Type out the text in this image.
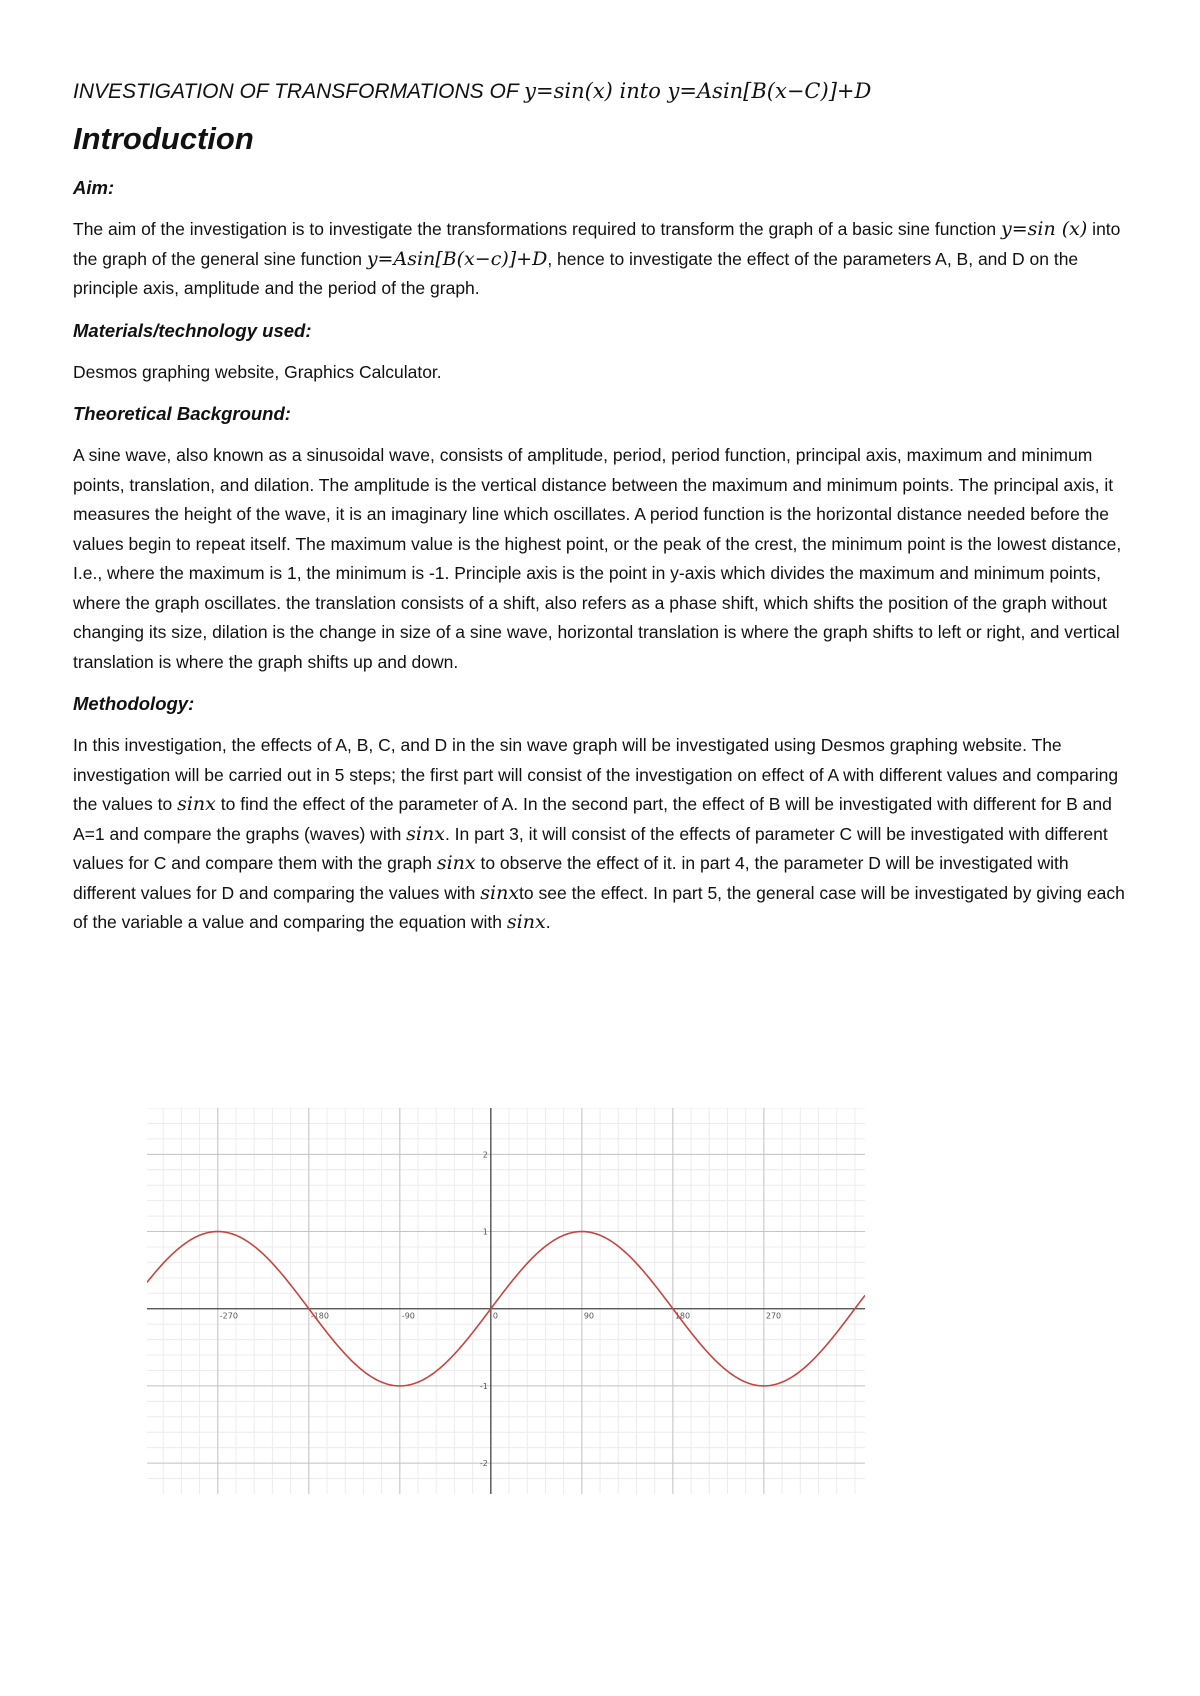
INVESTIGATION OF TRANSFORMATIONS OF y=sin(x) into y=Asin[B(x−C)]+D
Introduction
Aim:

The aim of the investigation is to investigate the transformations required to transform the graph of a basic sine function y=sin (x) into the graph of the general sine function y=Asin[B(x−c)]+D, hence to investigate the effect of the parameters A, B, and D on the principle axis, amplitude and the period of the graph.

Materials/technology used:

Desmos graphing website, Graphics Calculator.

Theoretical Background:

A sine wave, also known as a sinusoidal wave, consists of amplitude, period, period function, principal axis, maximum and minimum points, translation, and dilation. The amplitude is the vertical distance between the maximum and minimum points. The principal axis, it measures the height of the wave, it is an imaginary line which oscillates. A period function is the horizontal distance needed before the values begin to repeat itself. The maximum value is the highest point, or the peak of the crest, the minimum point is the lowest distance, I.e., where the maximum is 1, the minimum is -1. Principle axis is the point in y-axis which divides the maximum and minimum points, where the graph oscillates. the translation consists of a shift, also refers as a phase shift, which shifts the position of the graph without changing its size, dilation is the change in size of a sine wave, horizontal translation is where the graph shifts to left or right, and vertical translation is where the graph shifts up and down.

Methodology:

In this investigation, the effects of A, B, C, and D in the sin wave graph will be investigated using Desmos graphing website. The investigation will be carried out in 5 steps; the first part will consist of the investigation on effect of A with different values and comparing the values to sinx to find the effect of the parameter of A. In the second part, the effect of B will be investigated with different for B and A=1 and compare the graphs (waves) with sinx. In part 3, it will consist of the effects of parameter C will be investigated with different values for C and compare them with the graph sinx to observe the effect of it. in part 4, the parameter D will be investigated with different values for D and comparing the values with sinxto see the effect. In part 5, the general case will be investigated by giving each of the variable a value and comparing the equation with sinx.

-270	-180	-90	0	90	180	270
-2
-1
1
2
